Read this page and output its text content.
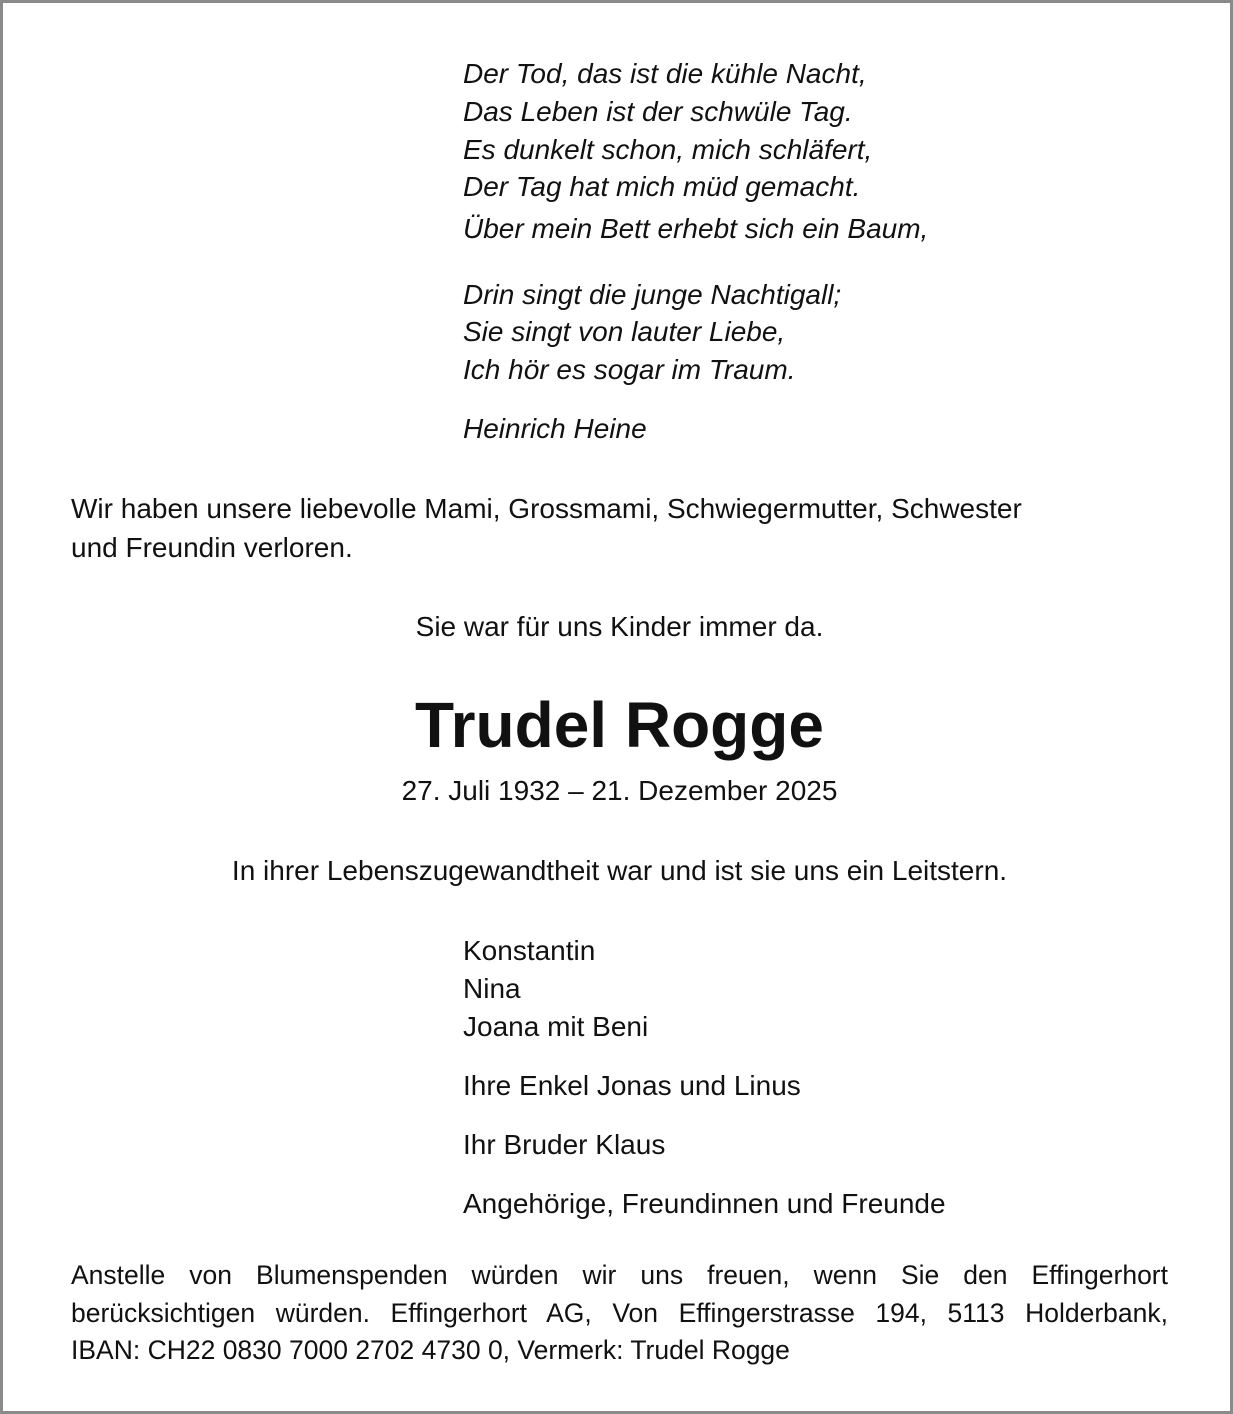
Der Tod, das ist die kühle Nacht,
Das Leben ist der schwüle Tag.
Es dunkelt schon, mich schläfert,
Der Tag hat mich müd gemacht.
Über mein Bett erhebt sich ein Baum,
Drin singt die junge Nachtigall;
Sie singt von lauter Liebe,
Ich hör es sogar im Traum.
Heinrich Heine
Wir haben unsere liebevolle Mami, Grossmami, Schwiegermutter, Schwester
und Freundin verloren.
Sie war für uns Kinder immer da.
Trudel Rogge
27. Juli 1932 – 21. Dezember 2025
In ihrer Lebenszugewandtheit war und ist sie uns ein Leitstern.
Konstantin
Nina
Joana mit Beni
Ihre Enkel Jonas und Linus
Ihr Bruder Klaus
Angehörige, Freundinnen und Freunde
Anstelle von Blumenspenden würden wir uns freuen, wenn Sie den Effingerhort
berücksichtigen würden. Effingerhort AG, Von Effingerstrasse 194, 5113 Holderbank,
IBAN: CH22 0830 7000 2702 4730 0, Vermerk: Trudel Rogge
